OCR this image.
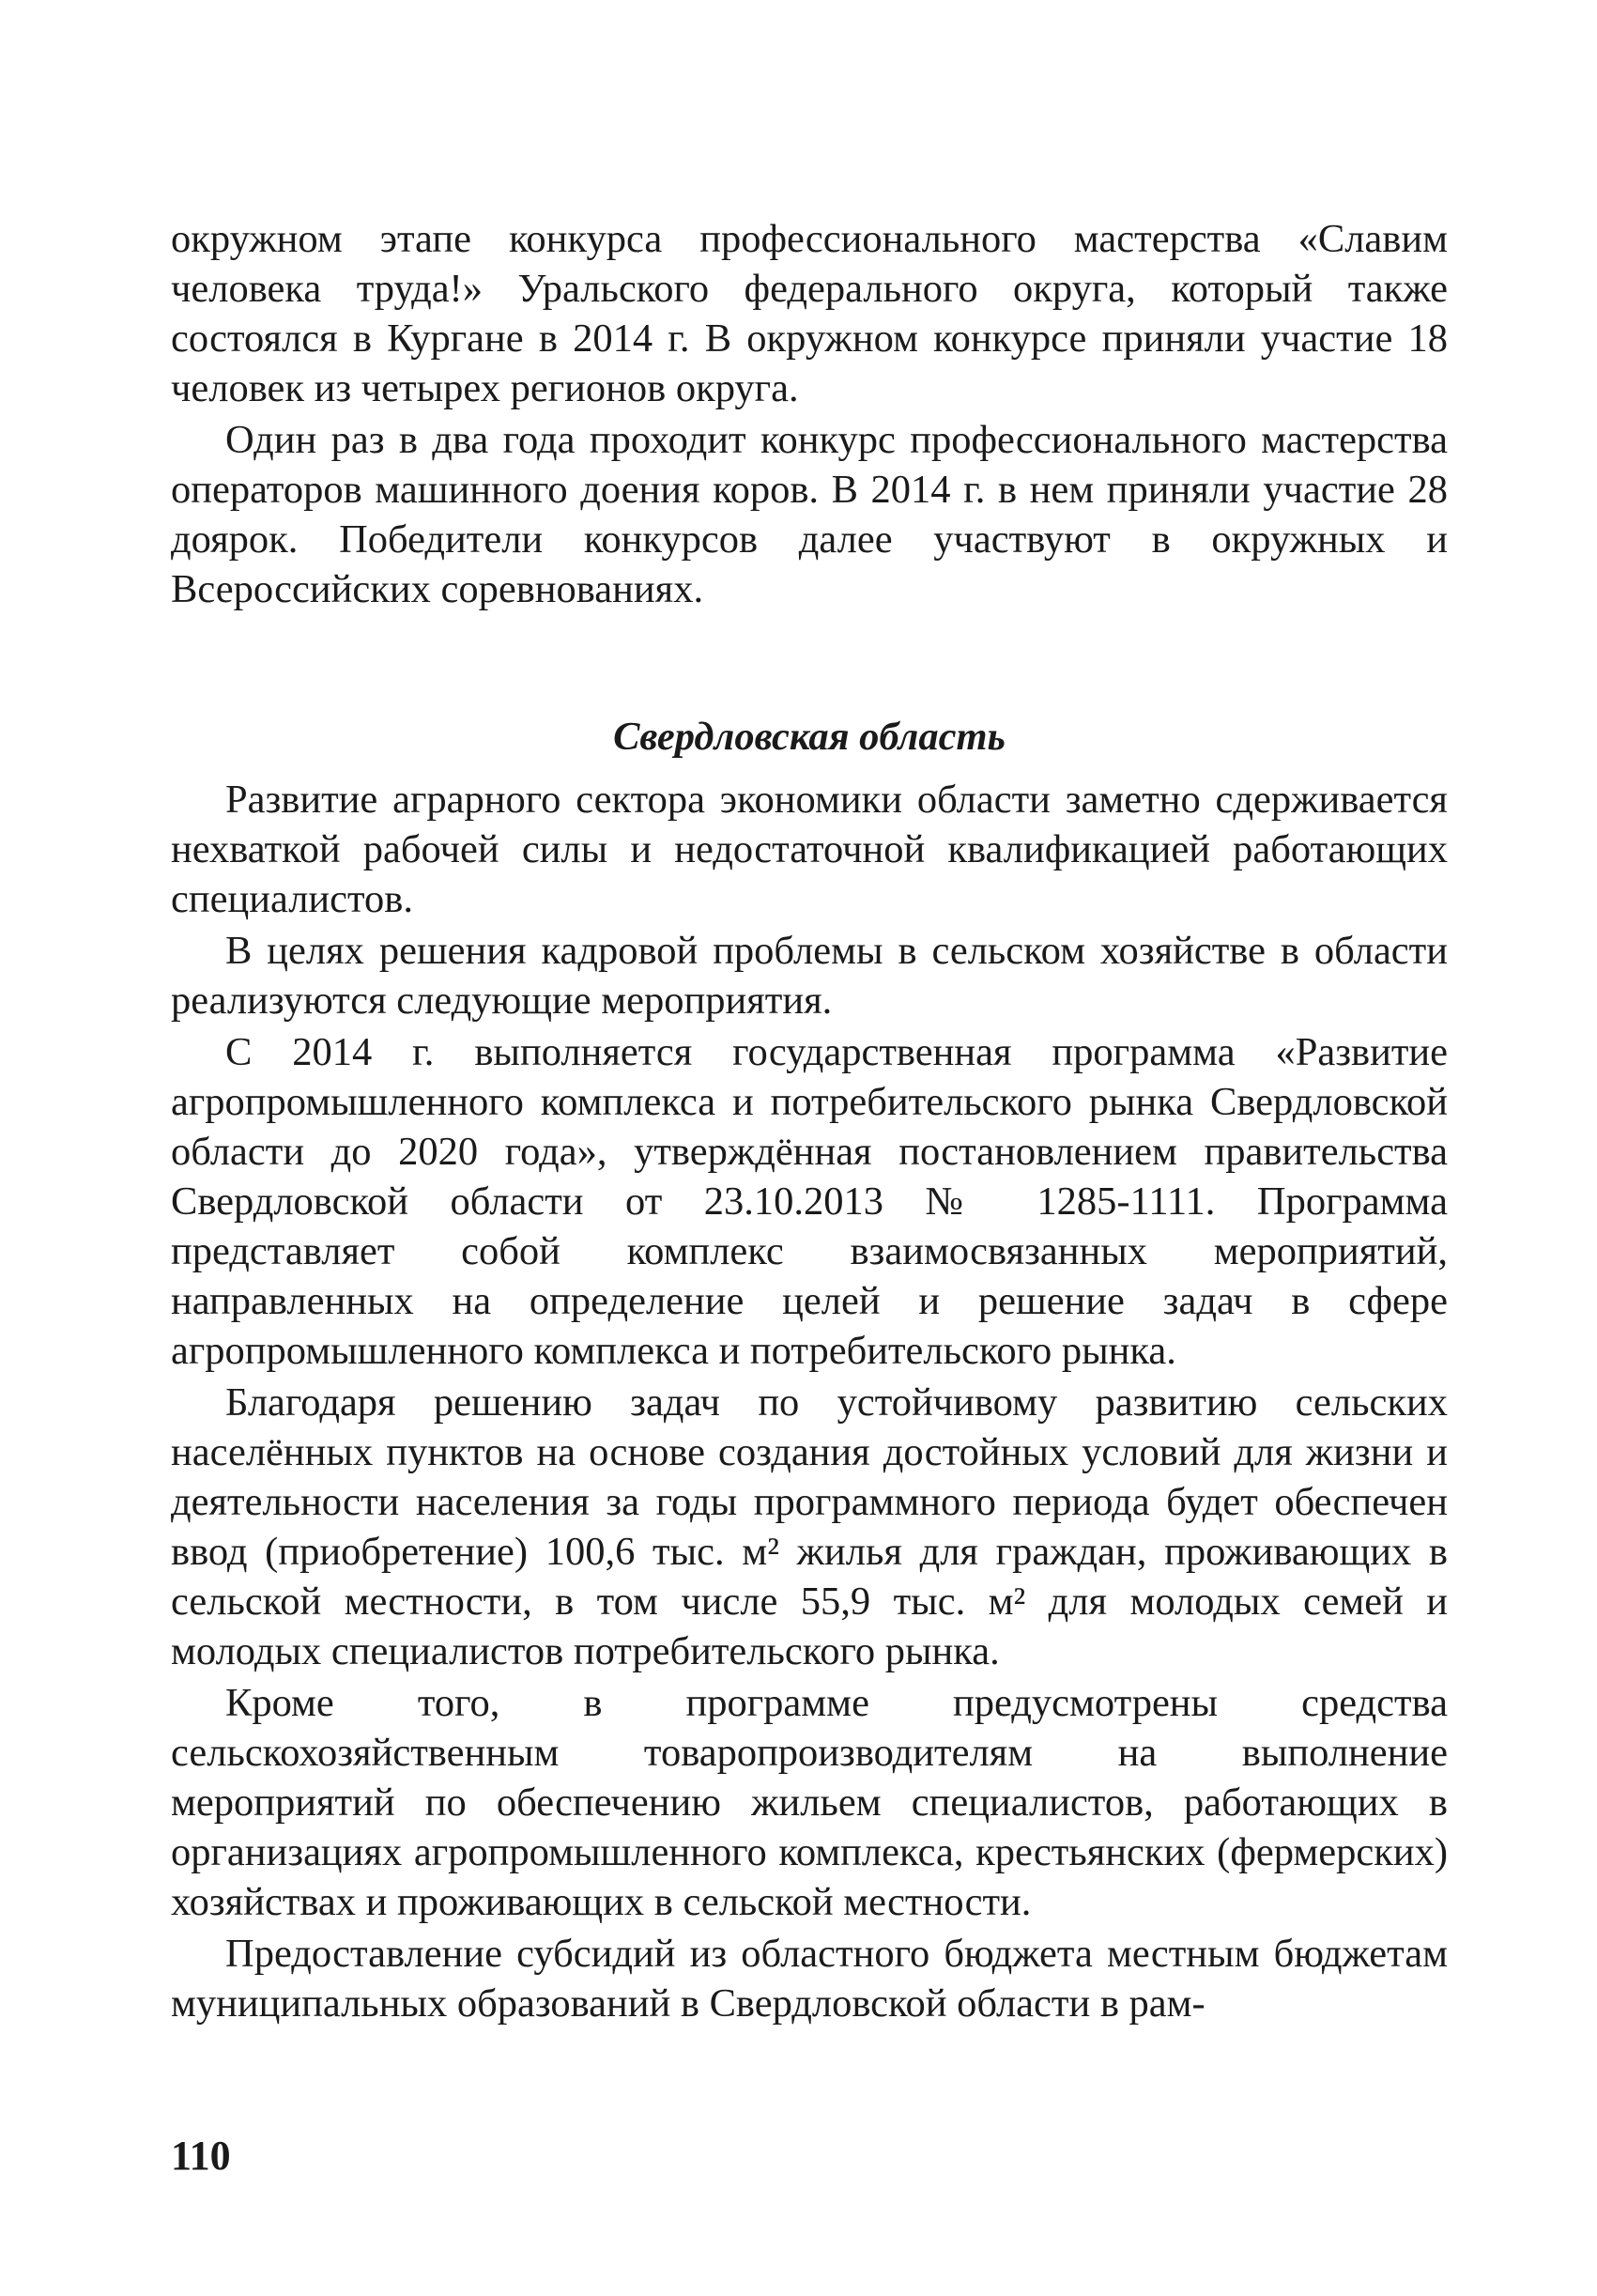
окружном этапе конкурса профессионального мастерства «Славим человека труда!» Уральского федерального округа, который также состоялся в Кургане в 2014 г. В окружном конкурсе приняли участие 18 человек из четырех регионов округа.

Один раз в два года проходит конкурс профессионального мастерства операторов машинного доения коров. В 2014 г. в нем приняли участие 28 доярок. Победители конкурсов далее участвуют в окружных и Всероссийских соревнованиях.

Свердловская область

Развитие аграрного сектора экономики области заметно сдерживается нехваткой рабочей силы и недостаточной квалификацией работающих специалистов.

В целях решения кадровой проблемы в сельском хозяйстве в области реализуются следующие мероприятия.

С 2014 г. выполняется государственная программа «Развитие агропромышленного комплекса и потребительского рынка Свердловской области до 2020 года», утверждённая постановлением правительства Свердловской области от 23.10.2013 № 1285-1111. Программа представляет собой комплекс взаимосвязанных мероприятий, направленных на определение целей и решение задач в сфере агропромышленного комплекса и потребительского рынка.

Благодаря решению задач по устойчивому развитию сельских населённых пунктов на основе создания достойных условий для жизни и деятельности населения за годы программного периода будет обеспечен ввод (приобретение) 100,6 тыс. м² жилья для граждан, проживающих в сельской местности, в том числе 55,9 тыс. м² для молодых семей и молодых специалистов потребительского рынка.

Кроме того, в программе предусмотрены средства сельскохозяйственным товаропроизводителям на выполнение мероприятий по обеспечению жильем специалистов, работающих в организациях агропромышленного комплекса, крестьянских (фермерских) хозяйствах и проживающих в сельской местности.

Предоставление субсидий из областного бюджета местным бюджетам муниципальных образований в Свердловской области в рам-

110
